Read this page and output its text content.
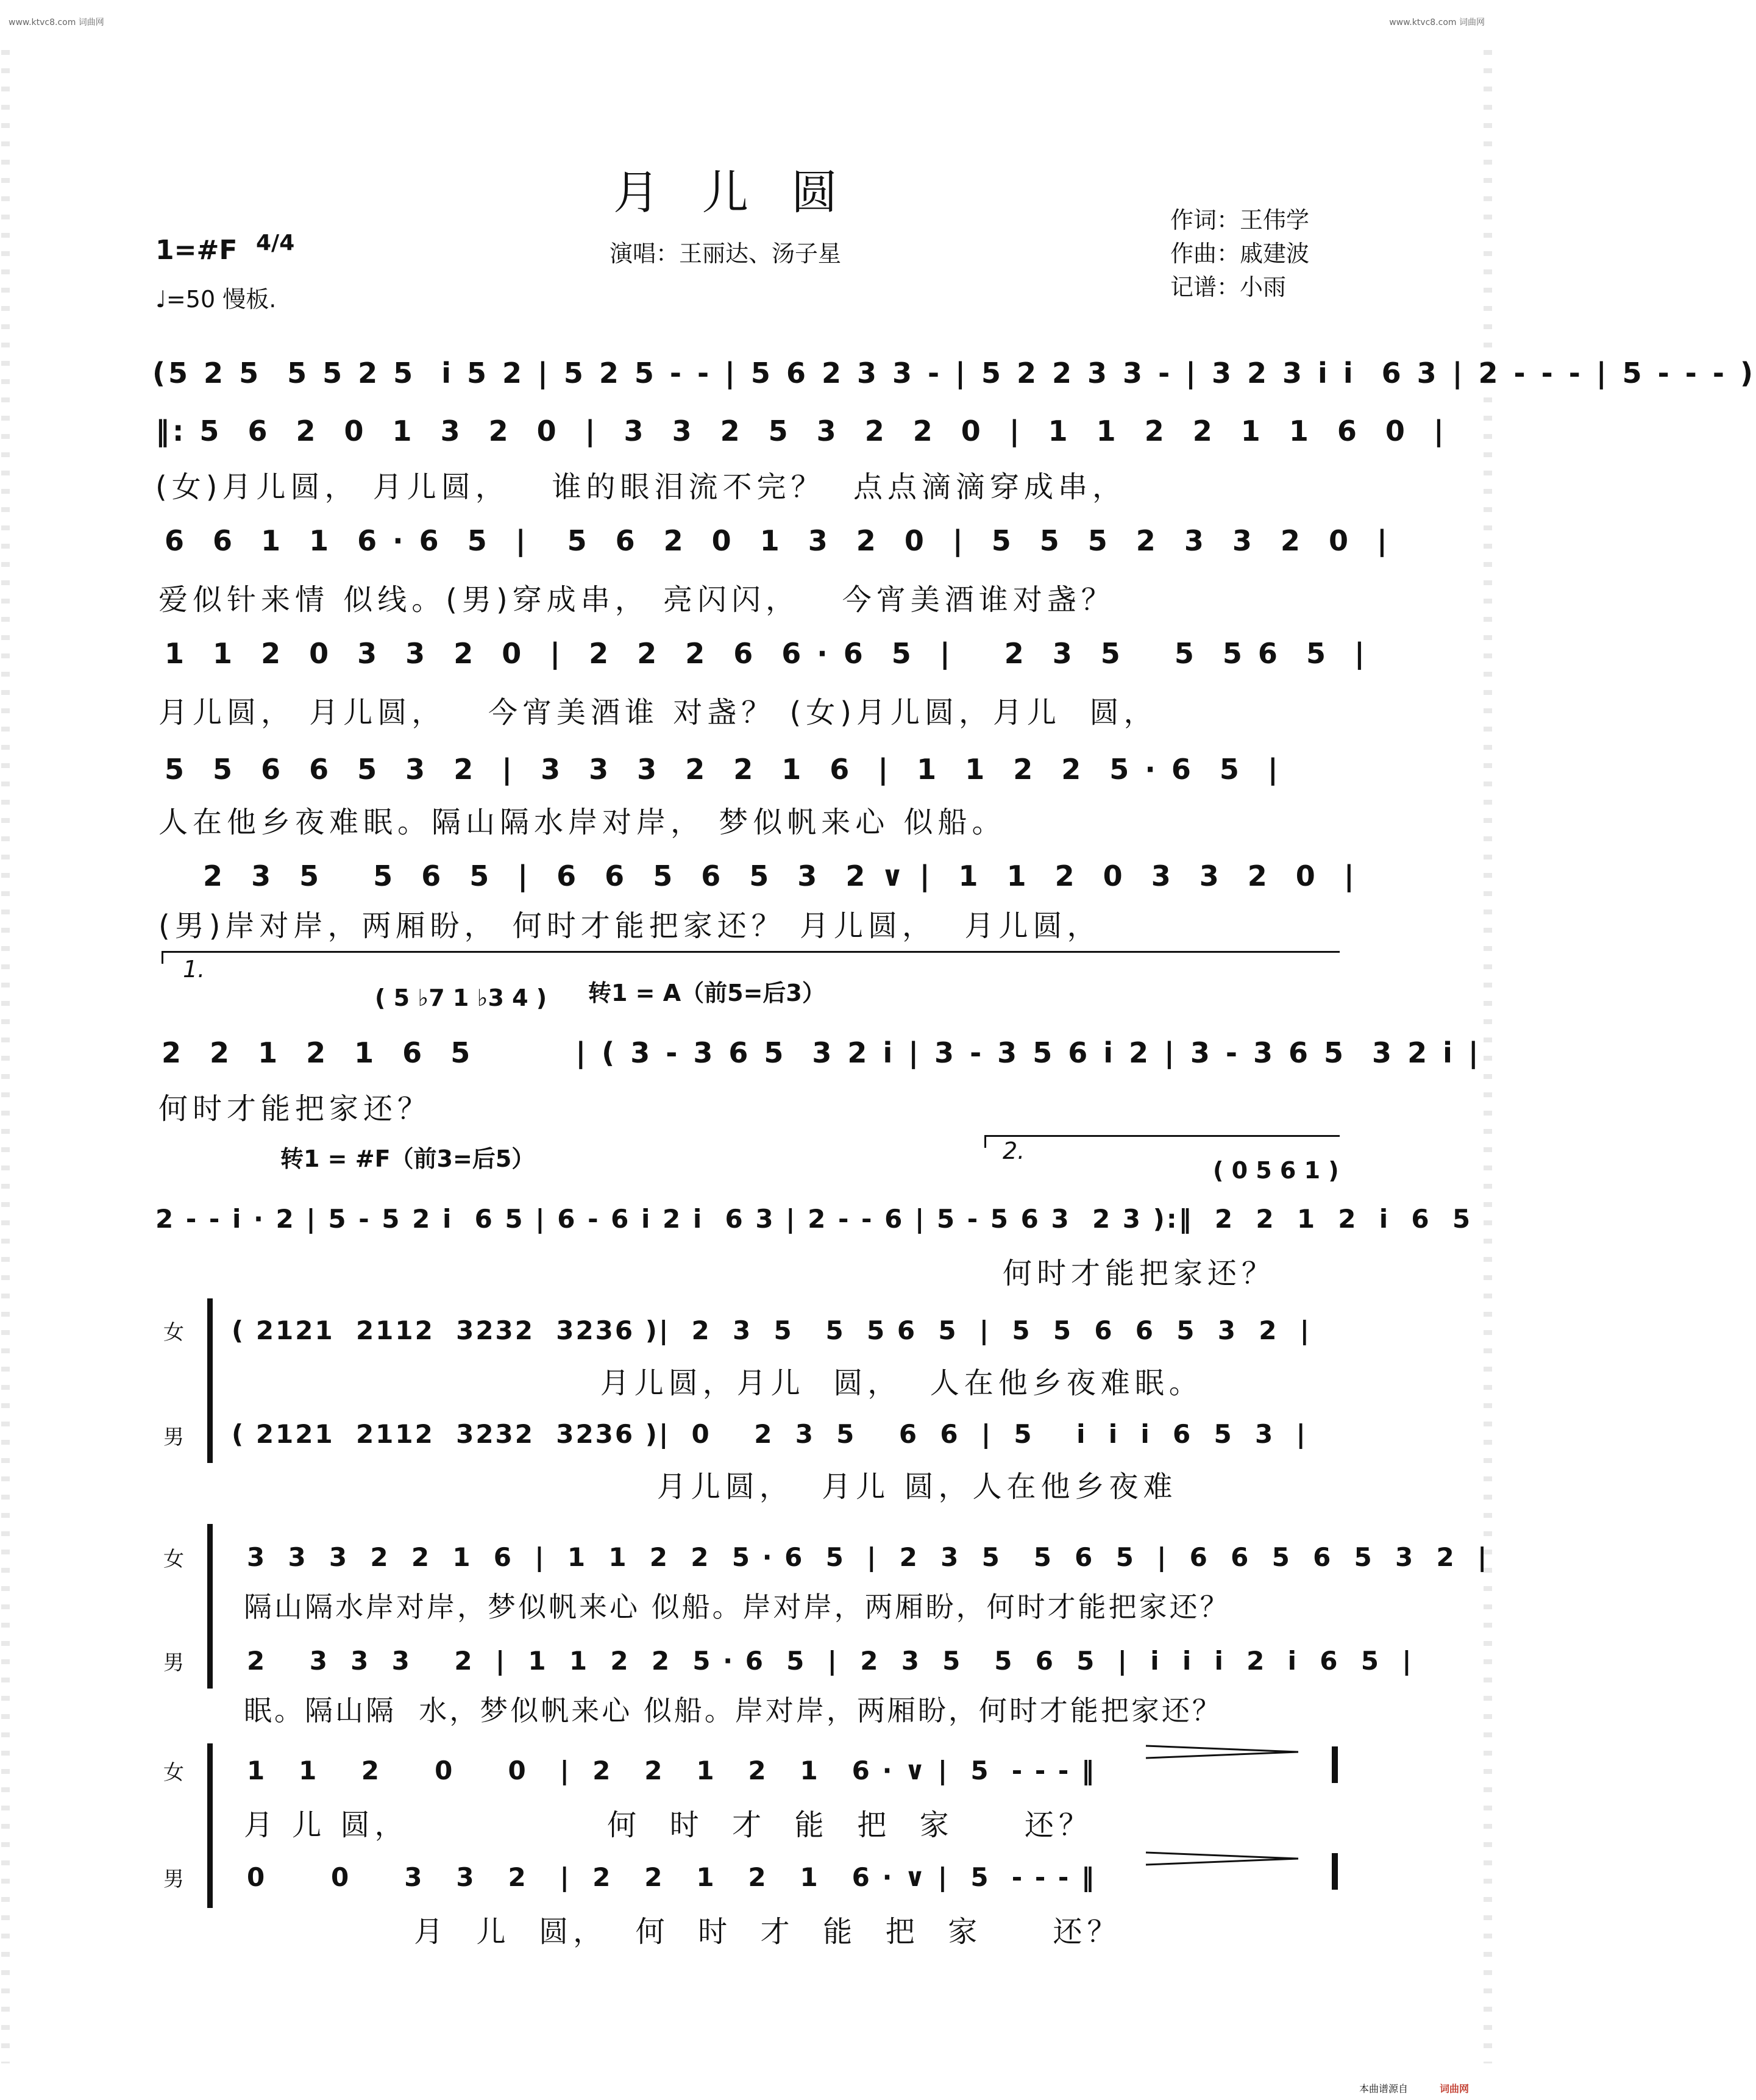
www.ktvc8.com 词曲网	www.ktvc8.com 词曲网
月儿圆
1=#F 4/4
♩=50 慢板.
演唱：王丽达、汤子星
作词：王伟学
作曲：戚建波
记谱：小雨
(5 2 5  5 5 2 5  i 5 2 | 5 2 5 - - | 5 6 2 3 3 - | 5 2 2 3 3 - | 3 2 3 i i  6 3 | 2 - - - | 5 - - - )
‖: 5  6  2  0  1  3  2  0  |  3  3  2  5  3  2  2  0  |  1  1  2  2  1  1  6  0  |
(女)月儿圆， 月儿圆，   谁的眼泪流不完？  点点滴滴穿成串，
6  6  1  1  6 · 6  5  |   5  6  2  0  1  3  2  0  |  5  5  5  2  3  3  2  0  |
爱似针来情 似线。(男)穿成串， 亮闪闪，   今宵美酒谁对盏？
1  1  2  0  3  3  2  0  |  2  2  2  6  6 · 6  5  |    2  3  5    5  5 6  5  |
月儿圆， 月儿圆，   今宵美酒谁 对盏？ (女)月儿圆，月儿  圆，
5  5  6  6  5  3  2  |  3  3  3  2  2  1  6  |  1  1  2  2  5 · 6  5  |
人在他乡夜难眠。隔山隔水岸对岸， 梦似帆来心 似船。
2  3  5    5  6  5  |  6  6  5  6  5  3  2 ∨ |  1  1  2  0  3  3  2  0  |
(男)岸对岸，两厢盼， 何时才能把家还？ 月儿圆，  月儿圆，
1.
( 5 ♭7 1 ♭3 4 ) 转1 = A（前5=后3）
2  2  1  2  1  6  5        | ( 3 - 3 6 5  3 2 i | 3 - 3 5 6 i 2 | 3 - 3 6 5  3 2 i |
何时才能把家还？
转1 = #F（前3=后5）	2.
( 0 5 6 1 )
2 - - i · 2 | 5 - 5 2 i  6 5 | 6 - 6 i 2 i  6 3 | 2 - - 6 | 5 - 5 6 3  2 3 ):‖  2  2  1  2  i  6  5
何时才能把家还？
女
男
( 2121  2112  3232  3236 )|  2  3  5   5  5 6  5  |  5  5  6  6  5  3  2  |
月儿圆，月儿  圆，  人在他乡夜难眠。
( 2121  2112  3232  3236 )|  0    2  3  5    6  6  |  5    i  i  i  6  5  3  |
月儿圆，  月儿 圆，人在他乡夜难
女
男
3  3  3  2  2  1  6  |  1  1  2  2  5 · 6  5  |  2  3  5   5  6  5  |  6  6  5  6  5  3  2  |
隔山隔水岸对岸，梦似帆来心 似船。岸对岸，两厢盼，何时才能把家还？
2    3  3  3    2  |  1  1  2  2  5 · 6  5  |  2  3  5   5  6  5  |  i  i  i  2  i  6  5  |
眠。隔山隔  水，梦似帆来心 似船。岸对岸，两厢盼，何时才能把家还？
女
男
1   1    2     0     0   |  2   2   1   2   1   6 · ∨ |  5  - - - ‖
月 儿 圆，              何  时  才  能  把  家     还？
0      0     3   3   2   |  2   2   1   2   1   6 · ∨ |  5  - - - ‖
月  儿  圆，  何  时  才  能  把  家     还？
本曲谱源自	词曲网
